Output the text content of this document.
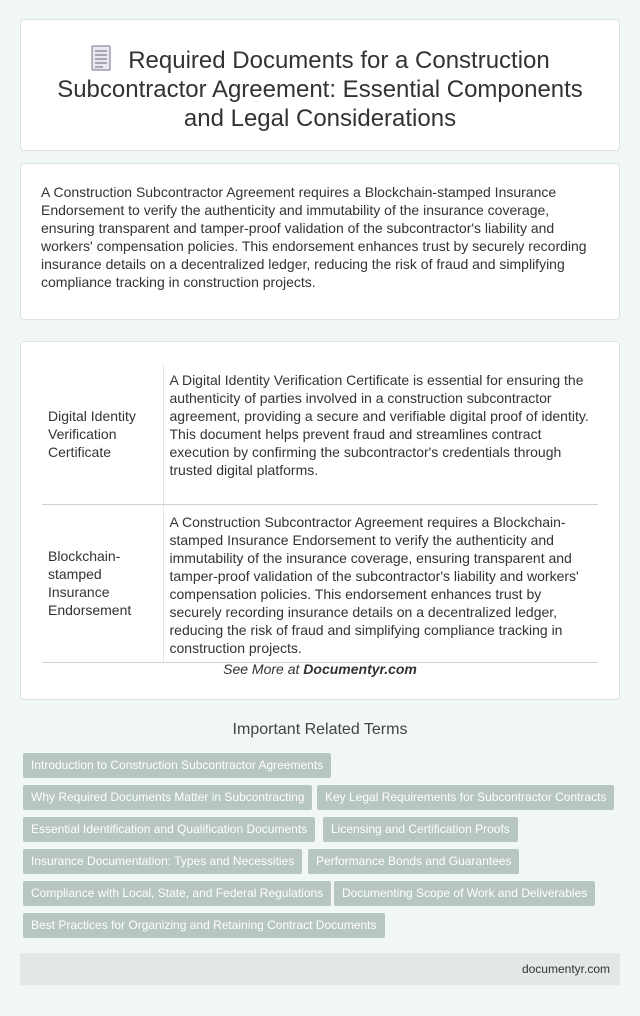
Required Documents for a Construction Subcontractor Agreement: Essential Components and Legal Considerations

A Construction Subcontractor Agreement requires a Blockchain-stamped Insurance Endorsement to verify the authenticity and immutability of the insurance coverage, ensuring transparent and tamper-proof validation of the subcontractor's liability and workers' compensation policies. This endorsement enhances trust by securely recording insurance details on a decentralized ledger, reducing the risk of fraud and simplifying compliance tracking in construction projects.

Digital Identity Verification Certificate	A Digital Identity Verification Certificate is essential for ensuring the authenticity of parties involved in a construction subcontractor agreement, providing a secure and verifiable digital proof of identity. This document helps prevent fraud and streamlines contract execution by confirming the subcontractor's credentials through trusted digital platforms.
Blockchain-stamped Insurance Endorsement	A Construction Subcontractor Agreement requires a Blockchain-stamped Insurance Endorsement to verify the authenticity and immutability of the insurance coverage, ensuring transparent and tamper-proof validation of the subcontractor's liability and workers' compensation policies. This endorsement enhances trust by securely recording insurance details on a decentralized ledger, reducing the risk of fraud and simplifying compliance tracking in construction projects.
See More at Documentyr.com
Important Related Terms
Introduction to Construction Subcontractor Agreements
Why Required Documents Matter in Subcontracting	Key Legal Requirements for Subcontractor Contracts
Essential Identification and Qualification Documents	Licensing and Certification Proofs
Insurance Documentation: Types and Necessities	Performance Bonds and Guarantees
Compliance with Local, State, and Federal Regulations	Documenting Scope of Work and Deliverables
Best Practices for Organizing and Retaining Contract Documents
documentyr.com
